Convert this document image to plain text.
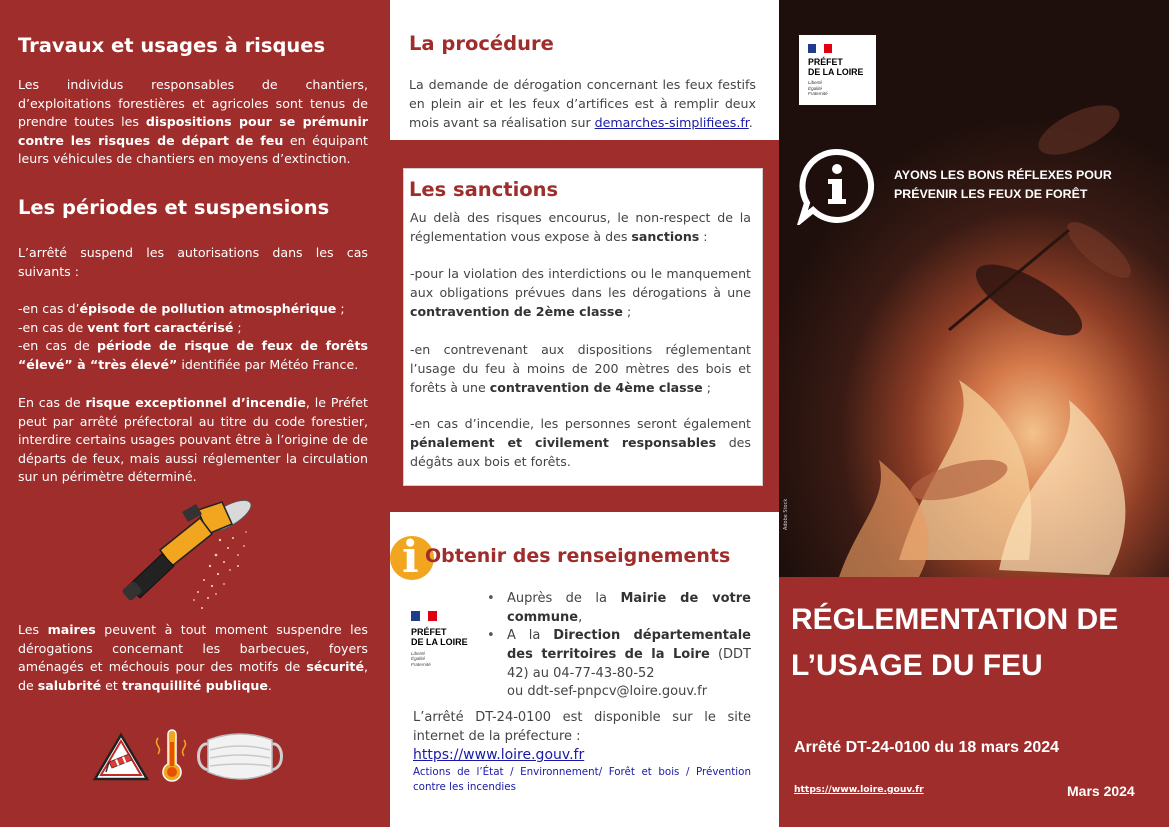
Travaux et usages à risques

Les individus responsables de chantiers, d’exploitations forestières et agricoles sont tenus de prendre toutes les dispositions pour se prémunir contre les risques de départ de feu en équipant leurs véhicules de chantiers en moyens d’extinction.

Les périodes et suspensions

L’arrêté suspend les autorisations dans les cas suivants :

-en cas d’épisode de pollution atmosphérique ;
-en cas de vent fort caractérisé ;
-en cas de période de risque de feux de forêts “élevé” à “très élevé” identifiée par Météo France.

En cas de risque exceptionnel d’incendie, le Préfet peut par arrêté préfectoral au titre du code forestier, interdire certains usages pouvant être à l’origine de de départs de feux, mais aussi réglementer la circulation sur un périmètre déterminé.

Les maires peuvent à tout moment suspendre les dérogations concernant les barbecues, foyers aménagés et méchouis pour des motifs de sécurité, de salubrité et tranquillité publique.

La procédure

La demande de dérogation concernant les feux festifs en plein air et les feux d’artifices est à remplir deux mois avant sa réalisation sur demarches-simplifiees.fr.

Les sanctions

Au delà des risques encourus, le non-respect de la réglementation vous expose à des sanctions :

-pour la violation des interdictions ou le manquement aux obligations prévues dans les dérogations à une contravention de 2ème classe ;

-en contrevenant aux dispositions réglementant l’usage du feu à moins de 200 mètres des bois et forêts à une contravention de 4ème classe ;

-en cas d’incendie, les personnes seront également pénalement et civilement responsables des dégâts aux bois et forêts.

i Obtenir des renseignements
PRÉFET
DE LA LOIRE
Liberté
Égalité
Fraternité
• Auprès de la Mairie de votre commune,
• A la Direction départementale des territoires de la Loire (DDT 42) au 04-77-43-80-52

ou ddt-sef-pnpcv@loire.gouv.fr

L’arrêté DT-24-0100 est disponible sur le site internet de la préfecture :

https://www.loire.gouv.fr

Actions de l’État / Environnement/ Forêt et bois / Prévention contre les incendies

PRÉFET
DE LA LOIRE
Liberté
Égalité
Fraternité
AYONS LES BONS RÉFLEXES POUR
PRÉVENIR LES FEUX DE FORÊT
Adobe Stock
RÉGLEMENTATION DE
L’USAGE DU FEU
Arrêté DT-24-0100 du 18 mars 2024
https://www.loire.gouv.fr	Mars 2024
